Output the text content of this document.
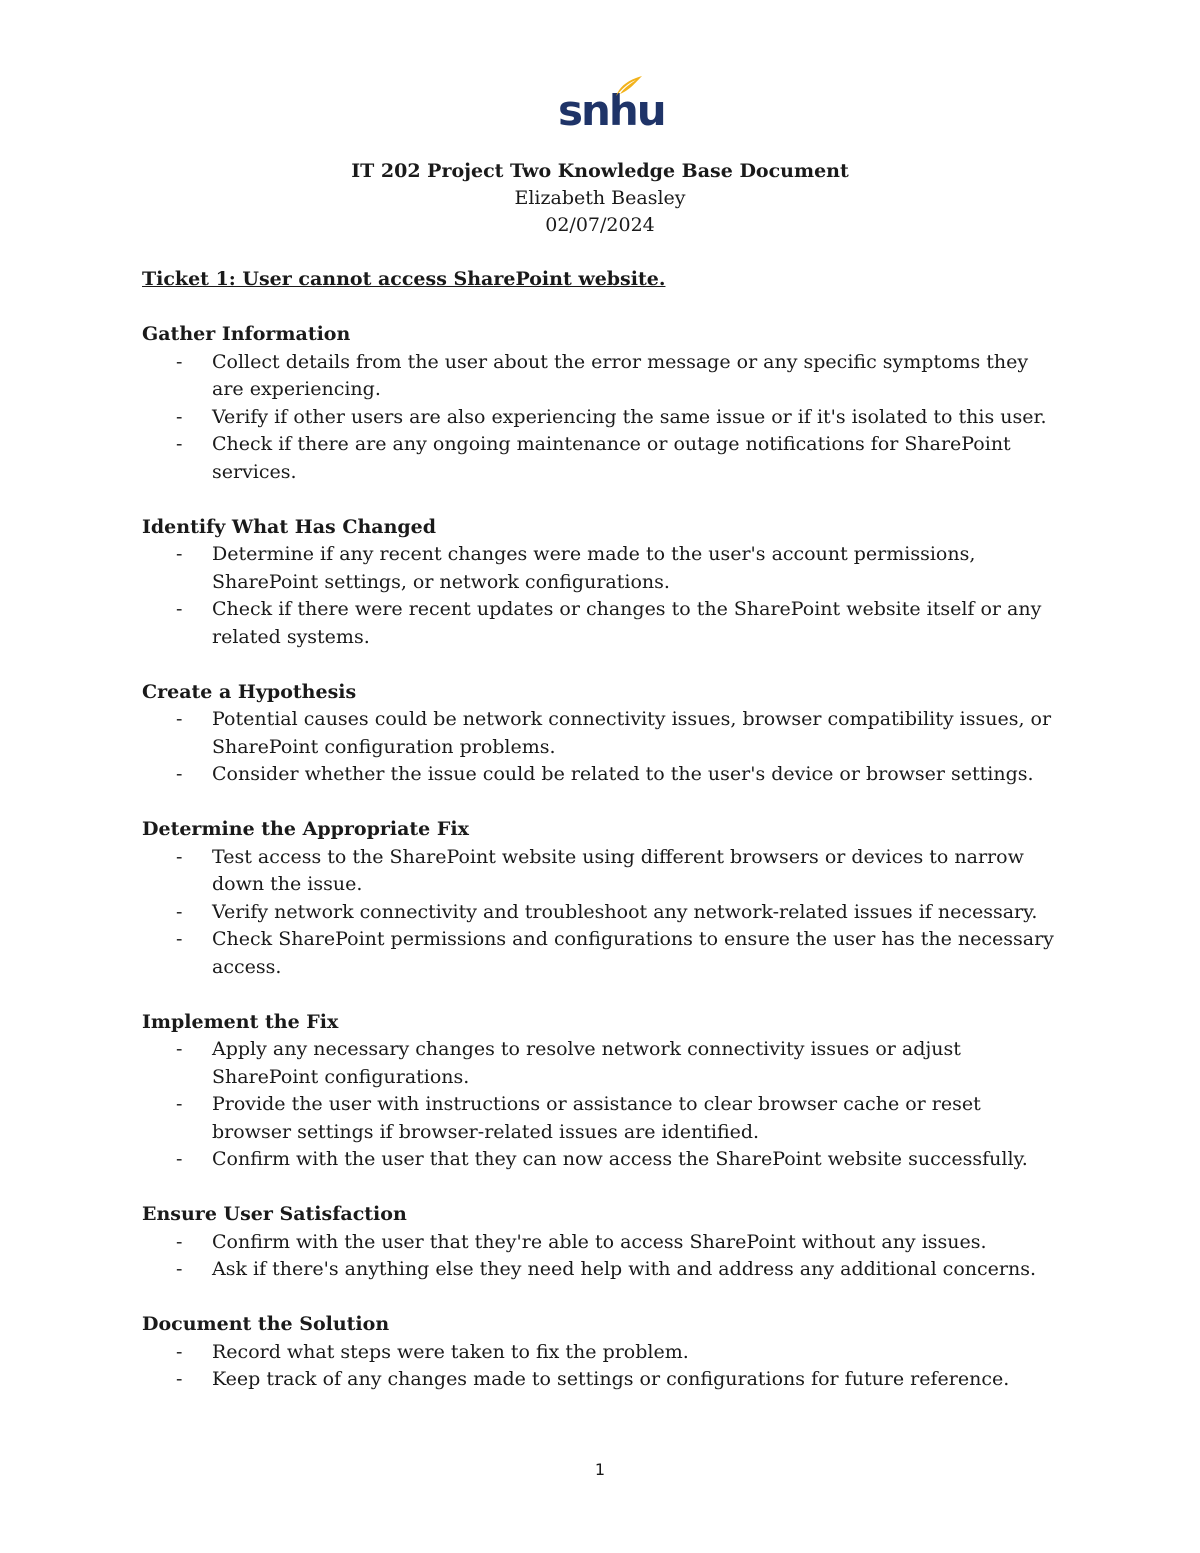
snhu
IT 202 Project Two Knowledge Base Document
Elizabeth Beasley
02/07/2024

Ticket 1: User cannot access SharePoint website.

Gather Information

- Collect details from the user about the error message or any specific symptoms they are experiencing.
- Verify if other users are also experiencing the same issue or if it's isolated to this user.
- Check if there are any ongoing maintenance or outage notifications for SharePoint services.

Identify What Has Changed

- Determine if any recent changes were made to the user's account permissions, SharePoint settings, or network configurations.
- Check if there were recent updates or changes to the SharePoint website itself or any related systems.

Create a Hypothesis

- Potential causes could be network connectivity issues, browser compatibility issues, or SharePoint configuration problems.
- Consider whether the issue could be related to the user's device or browser settings.

Determine the Appropriate Fix

- Test access to the SharePoint website using different browsers or devices to narrow down the issue.
- Verify network connectivity and troubleshoot any network-related issues if necessary.
- Check SharePoint permissions and configurations to ensure the user has the necessary access.

Implement the Fix

- Apply any necessary changes to resolve network connectivity issues or adjust SharePoint configurations.
- Provide the user with instructions or assistance to clear browser cache or reset browser settings if browser-related issues are identified.
- Confirm with the user that they can now access the SharePoint website successfully.

Ensure User Satisfaction

- Confirm with the user that they're able to access SharePoint without any issues.
- Ask if there's anything else they need help with and address any additional concerns.

Document the Solution

- Record what steps were taken to fix the problem.
- Keep track of any changes made to settings or configurations for future reference.
1
